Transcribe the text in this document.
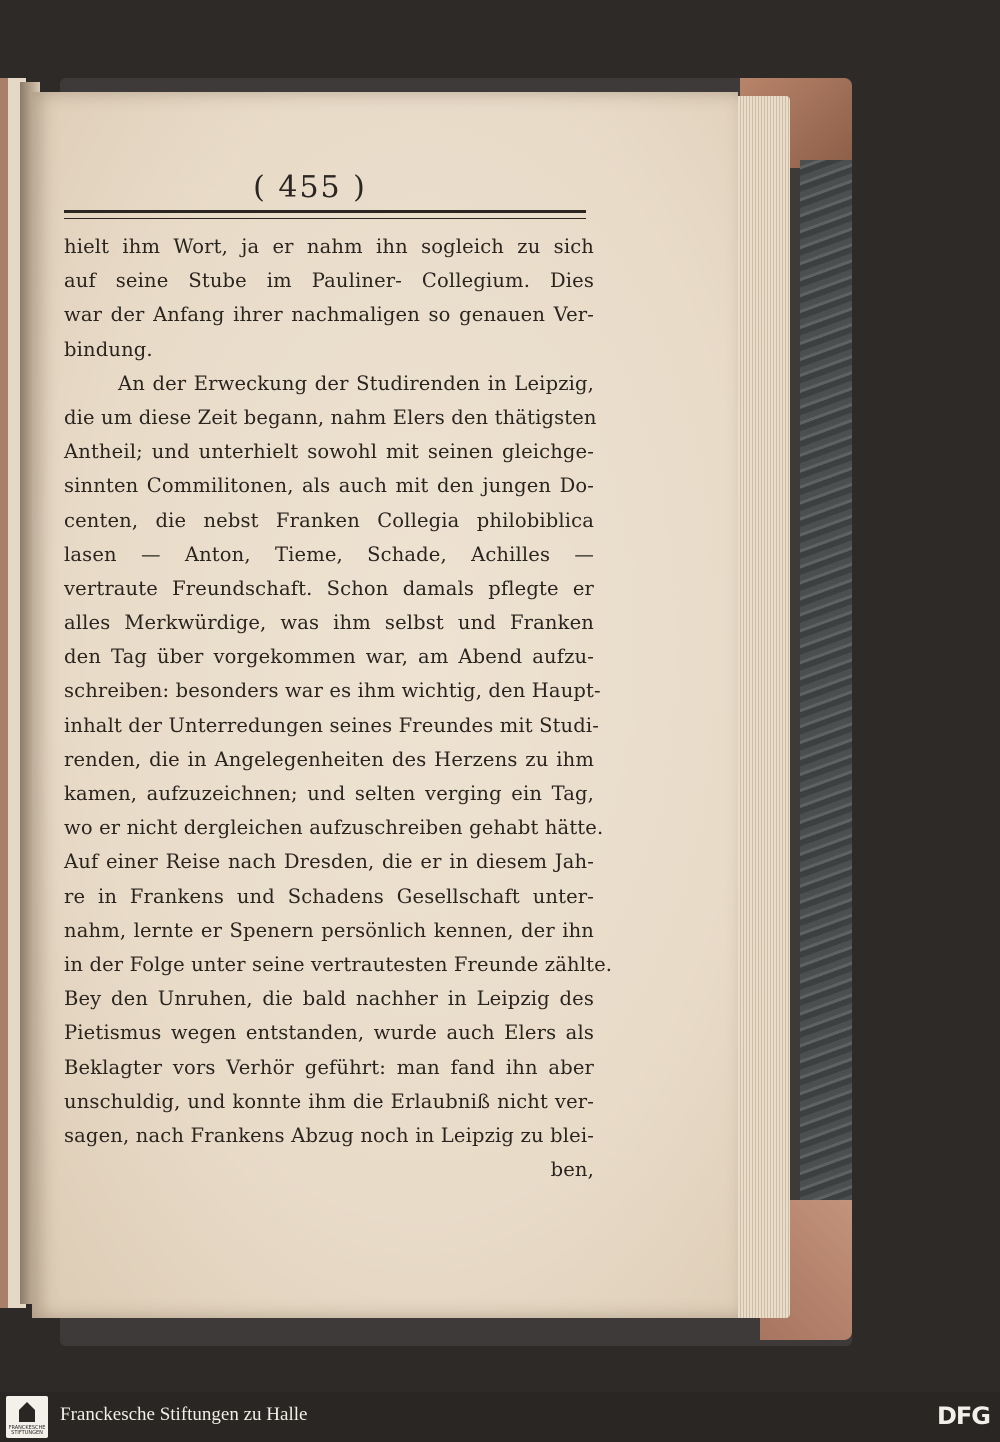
( 455 )
hielt ihm Wort, ja er nahm ihn sogleich zu sich
auf seine Stube im Pauliner- Collegium. Dies
war der Anfang ihrer nachmaligen so genauen Ver-
bindung.
An der Erweckung der Studirenden in Leipzig,
die um diese Zeit begann, nahm Elers den thätigsten
Antheil; und unterhielt sowohl mit seinen gleichge-
sinnten Commilitonen, als auch mit den jungen Do-
centen, die nebst Franken Collegia philobiblica
lasen — Anton, Tieme, Schade, Achilles —
vertraute Freundschaft. Schon damals pflegte er
alles Merkwürdige, was ihm selbst und Franken
den Tag über vorgekommen war, am Abend aufzu-
schreiben: besonders war es ihm wichtig, den Haupt-
inhalt der Unterredungen seines Freundes mit Studi-
renden, die in Angelegenheiten des Herzens zu ihm
kamen, aufzuzeichnen; und selten verging ein Tag,
wo er nicht dergleichen aufzuschreiben gehabt hätte.
Auf einer Reise nach Dresden, die er in diesem Jah-
re in Frankens und Schadens Gesellschaft unter-
nahm, lernte er Spenern persönlich kennen, der ihn
in der Folge unter seine vertrautesten Freunde zählte.
Bey den Unruhen, die bald nachher in Leipzig des
Pietismus wegen entstanden, wurde auch Elers als
Beklagter vors Verhör geführt: man fand ihn aber
unschuldig, und konnte ihm die Erlaubniß nicht ver-
sagen, nach Frankens Abzug noch in Leipzig zu blei-
ben,
FRANCKESCHE STIFTUNGEN
Franckesche Stiftungen zu Halle	DFG
